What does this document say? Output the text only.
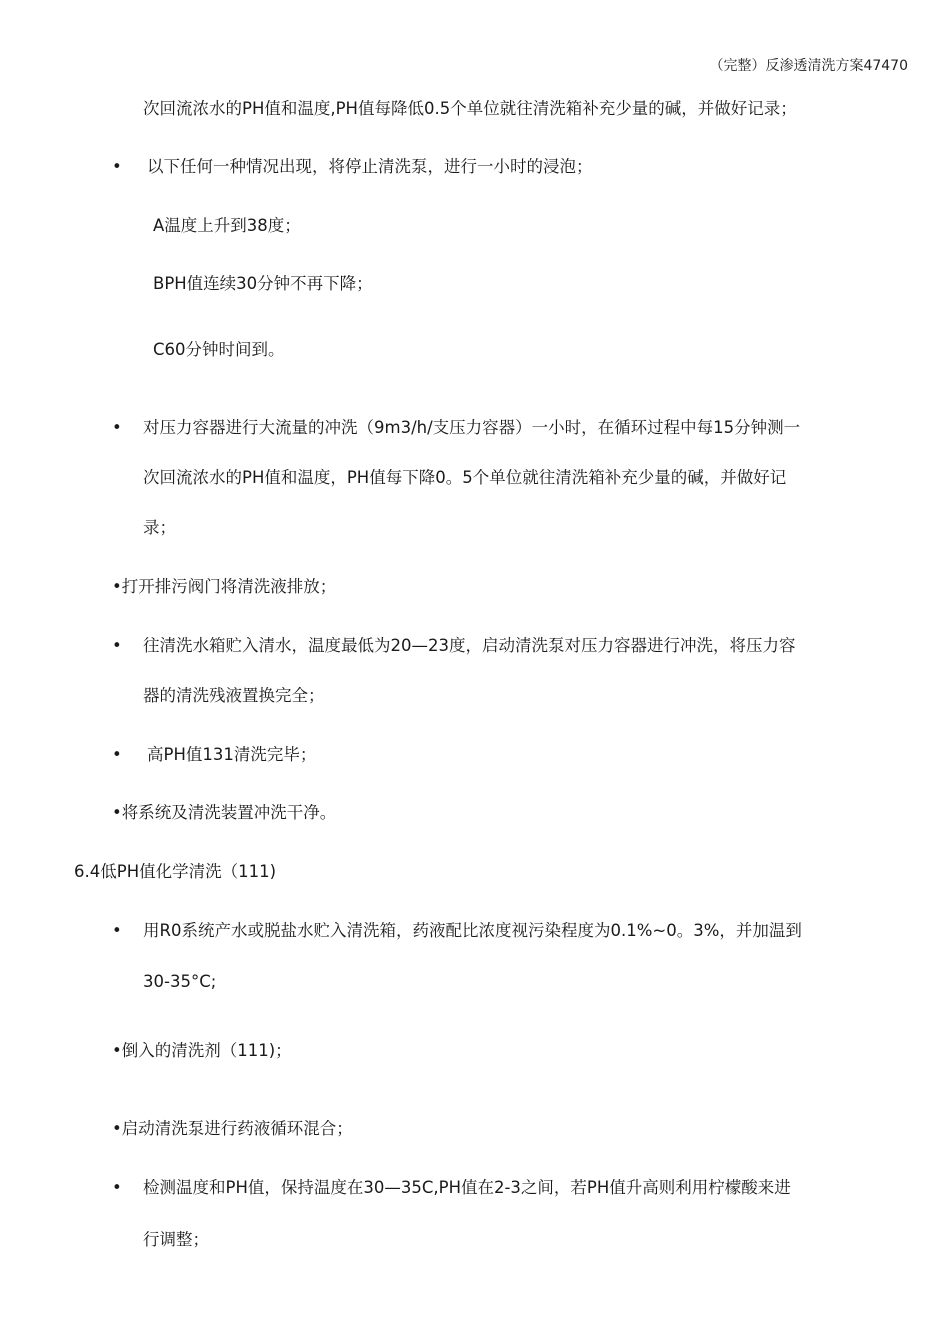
（完整）反渗透清洗方案47470
次回流浓水的PH值和温度,PH值每降低0.5个单位就往清洗箱补充少量的碱，并做好记录；
• 以下任何一种情况出现，将停止清洗泵，进行一小时的浸泡；
A温度上升到38度；
BPH值连续30分钟不再下降；
C60分钟时间到。
• 对压力容器进行大流量的冲洗（9m3/h/支压力容器）一小时，在循环过程中每15分钟测一
次回流浓水的PH值和温度，PH值每下降0。5个单位就往清洗箱补充少量的碱，并做好记
录；
•打开排污阀门将清洗液排放；
• 往清洗水箱贮入清水，温度最低为20—23度，启动清洗泵对压力容器进行冲洗，将压力容
器的清洗残液置换完全；
• 高PH值131清洗完毕；
•将系统及清洗装置冲洗干净。
6.4低PH值化学清洗（111)
• 用R0系统产水或脱盐水贮入清洗箱，药液配比浓度视污染程度为0.1%~0。3%，并加温到
30-35°C;
•倒入的清洗剂（111)；
•启动清洗泵进行药液循环混合；
• 检测温度和PH值，保持温度在30—35C,PH值在2-3之间，若PH值升高则利用柠檬酸来进
行调整；
